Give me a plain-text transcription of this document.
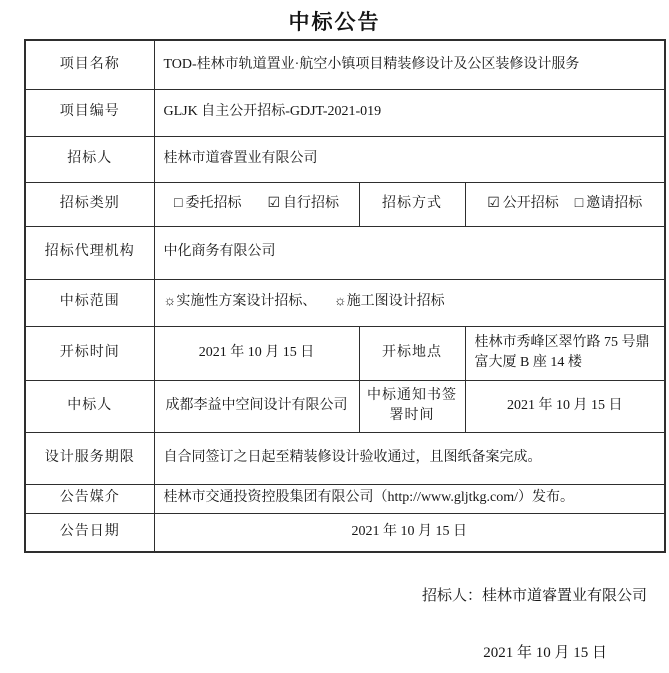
中标公告
项目名称	TOD-桂林市轨道置业·航空小镇项目精装修设计及公区装修设计服务		
项目编号	GLJK 自主公开招标-GDJT-2021-019		
招标人	桂林市道睿置业有限公司		
招标类别	□ 委托招标 ☑ 自行招标	招标方式	☑ 公开招标 □ 邀请招标

招标代理机构	中化商务有限公司		
中标范围	☼实施性方案设计招标、 ☼施工图设计招标		
开标时间	2021 年 10 月 15 日	开标地点	桂林市秀峰区翠竹路 75 号鼎富大厦 B 座 14 楼
中标人	成都李益中空间设计有限公司	中标通知书签署时间	2021 年 10 月 15 日
设计服务期限	自合同签订之日起至精装修设计验收通过，且图纸备案完成。		
公告媒介	桂林市交通投资控股集团有限公司（http://www.gljtkg.com/）发布。		
公告日期	2021 年 10 月 15 日		
招标人：桂林市道睿置业有限公司
2021 年 10 月 15 日
